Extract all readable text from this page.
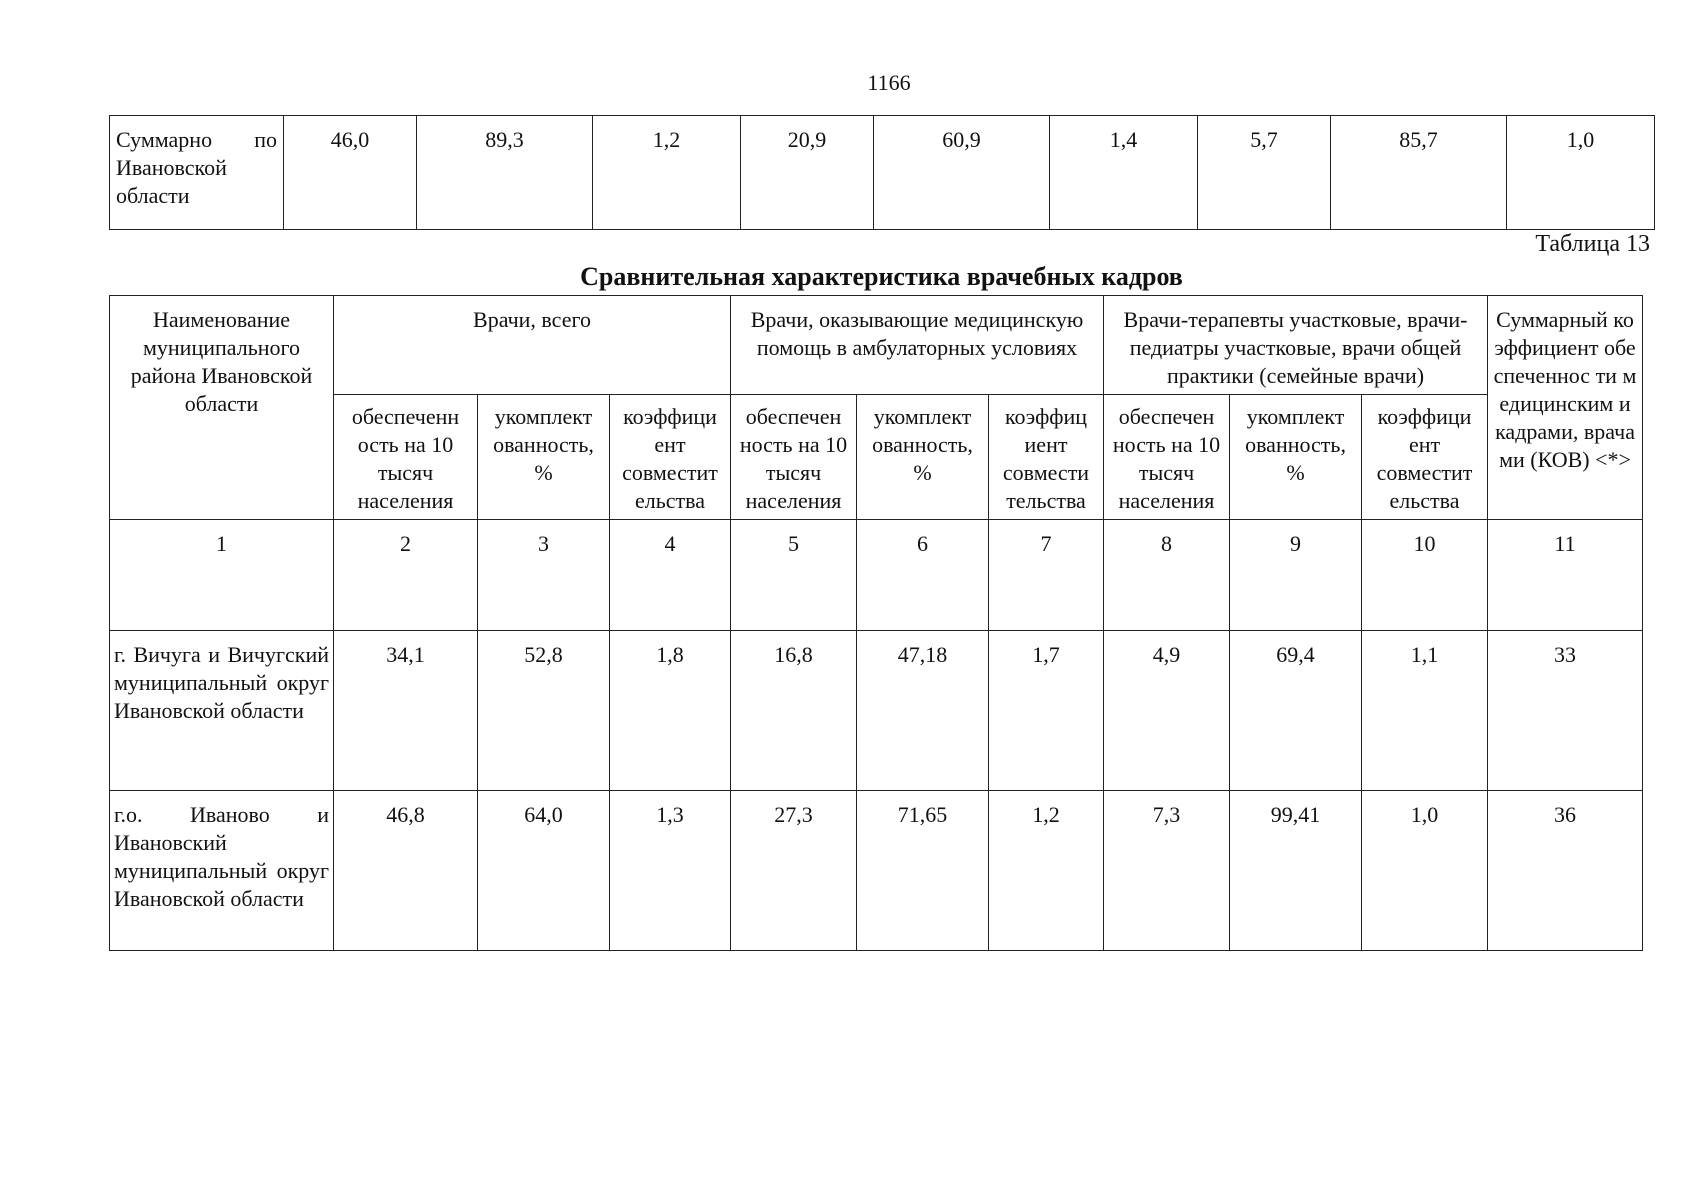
1166
Суммарно по Ивановской области	46,0	89,3	1,2	20,9	60,9	1,4	5,7	85,7	1,0
Таблица 13
Сравнительная характеристика врачебных кадров
Наименование муниципального района Ивановской области	Врачи, всего			Врачи, оказывающие медицинскую помощь в амбулаторных условиях			Врачи-терапевты участковые, врачи-педиатры участковые, врачи общей практики (семейные врачи)			Суммарный коэффициент обеспеченнос ти медицинским и кадрами, врачами (КОВ) <*>
	обеспеченн ость на 10 тысяч населения	укомплект ованность, %	коэффици ент совместит ельства	обеспечен ность на 10 тысяч населения	укомплект ованность, %	коэффиц иент совмести тельства	обеспечен ность на 10 тысяч населения	укомплект ованность, %	коэффици ент совместит ельства	
1	2	3	4	5	6	7	8	9	10	11
г. Вичуга и Вичугский муниципальный округ Ивановской области	34,1	52,8	1,8	16,8	47,18	1,7	4,9	69,4	1,1	33
г.о. Иваново и Ивановский муниципальный округ Ивановской области	46,8	64,0	1,3	27,3	71,65	1,2	7,3	99,41	1,0	36
